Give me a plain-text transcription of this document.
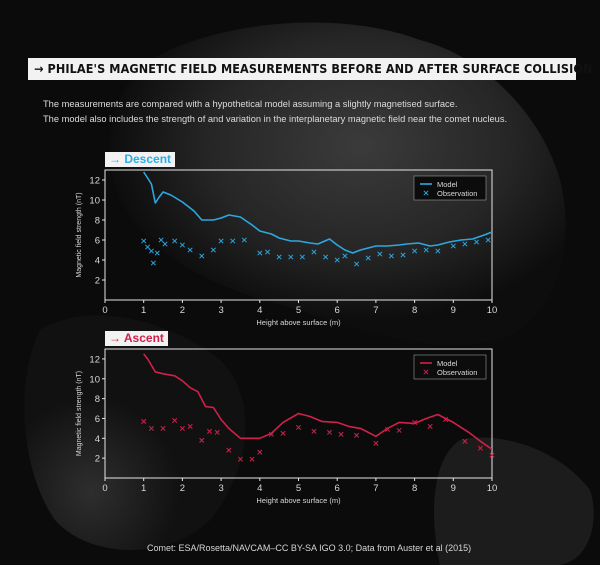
→ PHILAE'S MAGNETIC FIELD MEASUREMENTS BEFORE AND AFTER SURFACE COLLISION
The measurements are compared with a hypothetical model assuming a slightly magnetised surface.
The model also includes the strength of and variation in the interplanetary magnetic field near the comet nucleus.
→ Descent
→ Ascent
0	1	2	3	4	5	6	7	8	9	10
2
4
6
8
10
12
Height above surface (m)
Magnetic field strength (nT)
Model
Observation
0	1	2	3	4	5	6	7	8	9	10
2
4
6
8
10
12
Height above surface (m)
Magnetic field strength (nT)
Model
Observation
Comet: ESA/Rosetta/NAVCAM–CC BY-SA IGO 3.0; Data from Auster et al (2015)
